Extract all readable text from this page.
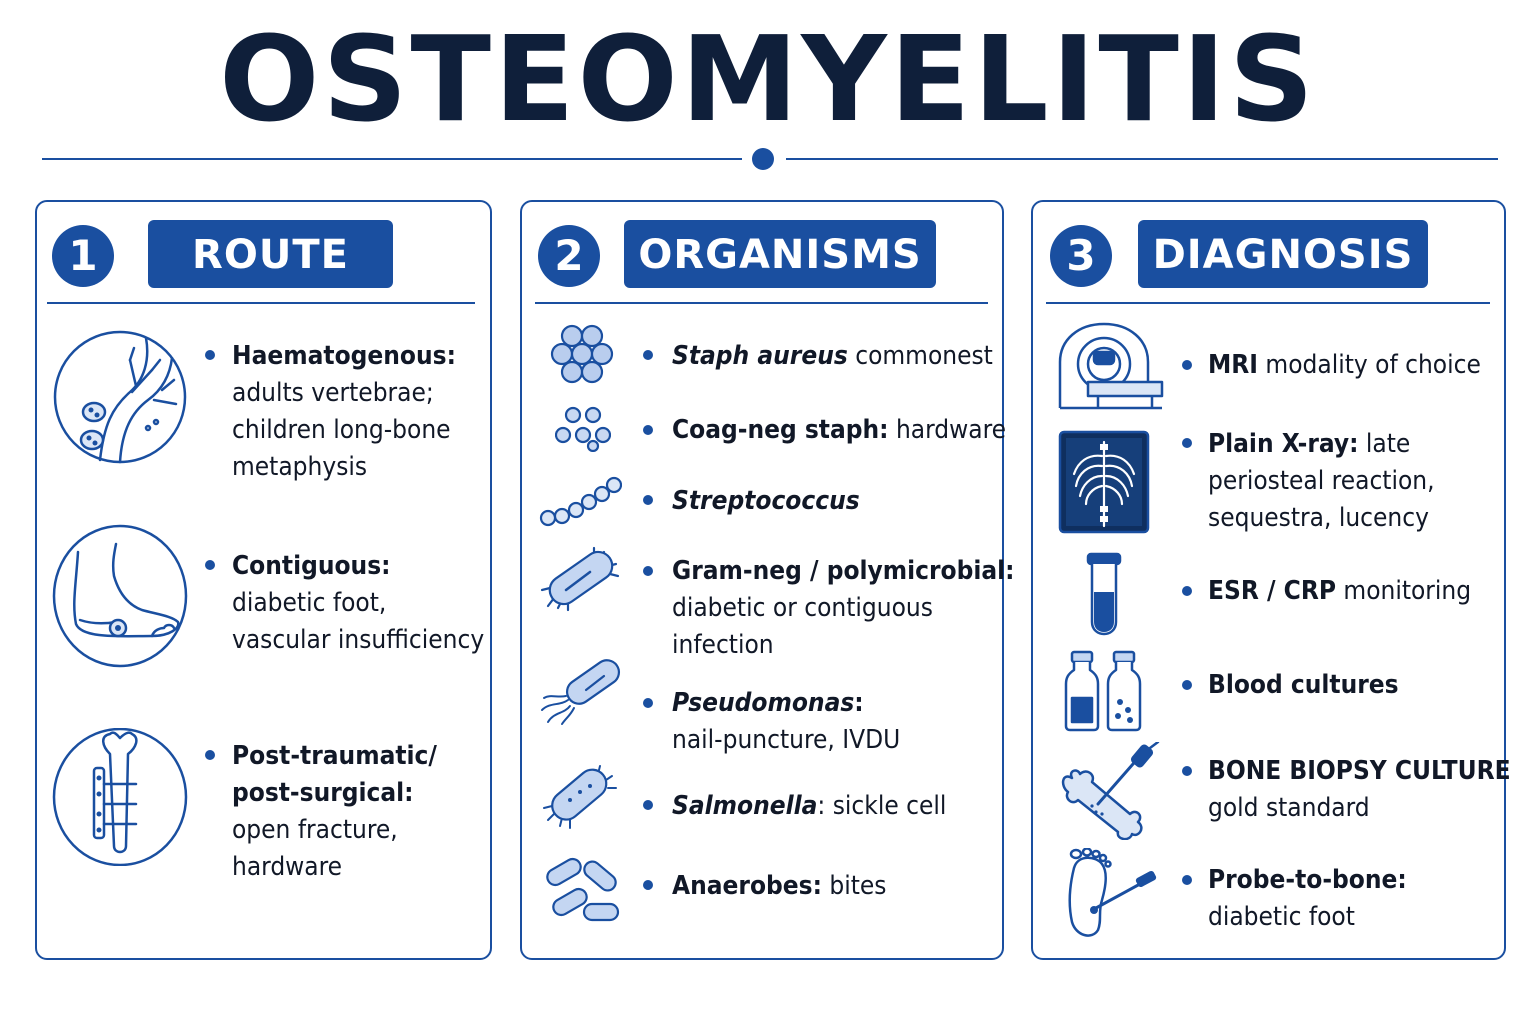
OSTEOMYELITIS
1	ROUTE
Haematogenous:
adults vertebrae;
children long-bone
metaphysis
Contiguous:
diabetic foot,
vascular insufficiency
Post-traumatic/
post-surgical:
open fracture,
hardware
2	ORGANISMS
Staph aureus commonest
Coag-neg staph: hardware
Streptococcus
Gram-neg / polymicrobial:
diabetic or contiguous
infection
Pseudomonas:
nail-puncture, IVDU
Salmonella: sickle cell
Anaerobes: bites
3	DIAGNOSIS
MRI modality of choice
Plain X-ray: late
periosteal reaction,
sequestra, lucency
ESR / CRP monitoring
Blood cultures
BONE BIOPSY CULTURE
gold standard
Probe-to-bone:
diabetic foot
